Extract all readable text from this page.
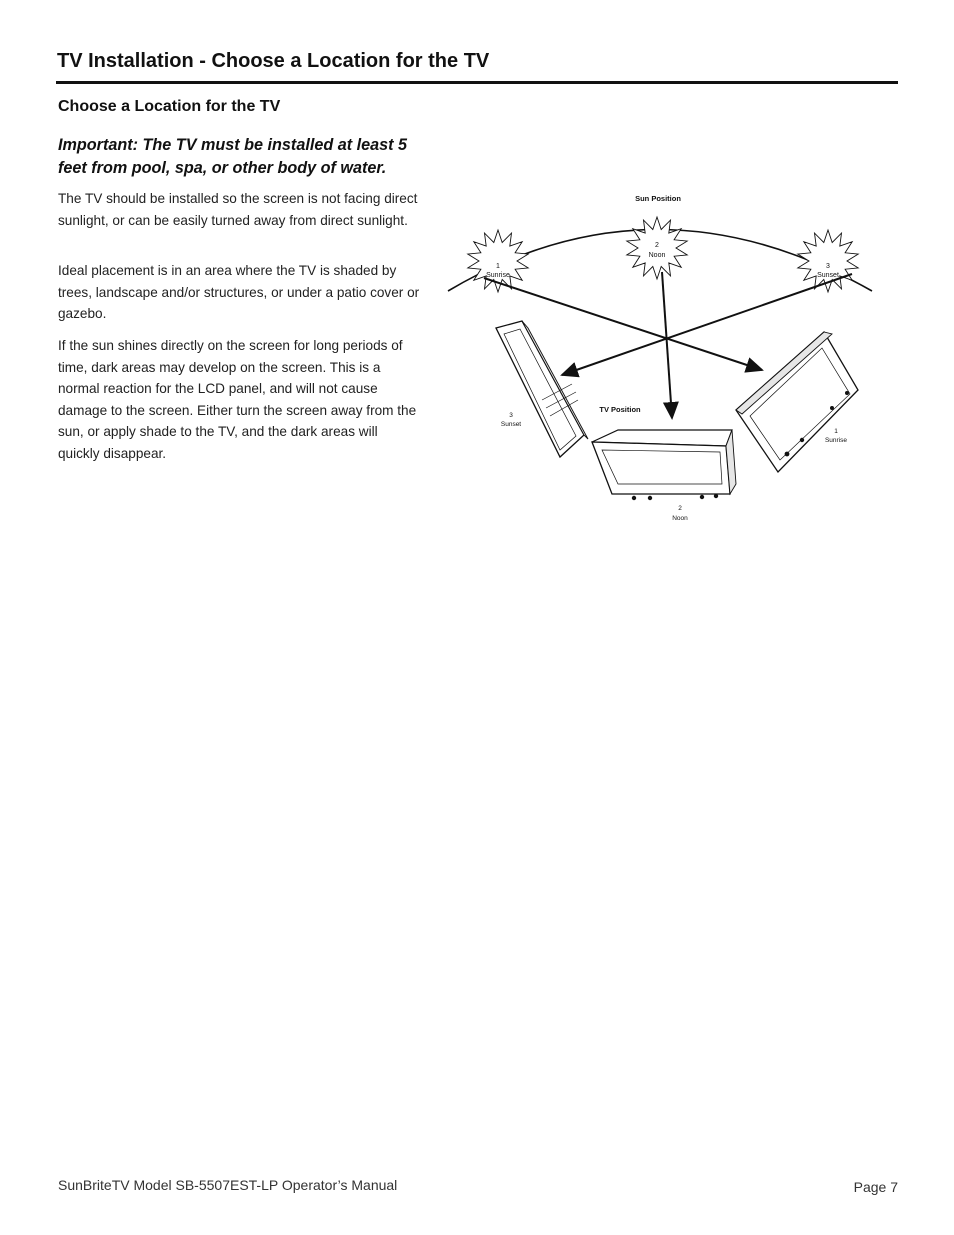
TV Installation - Choose a Location for the TV
Choose a Location for the TV

Important: The TV must be installed at least 5 feet from pool, spa, or other body of water.

The TV should be installed so the screen is not facing direct sunlight, or can be easily turned away from direct sunlight.

Ideal placement is in an area where the TV is shaded by trees, landscape and/or structures, or under a patio cover or gazebo.

If the sun shines directly on the screen for long periods of time, dark areas may develop on the screen. This is a normal reaction for the LCD panel, and will not cause damage to the screen. Either turn the screen away from the sun, or apply shade to the TV, and the dark areas will quickly disappear.

Sun Position
1
Sunrise
2
Noon
3
Sunset
3
Sunset
TV Position
2
Noon
1
Sunrise

SunBriteTV Model SB-5507EST-LP Operator’s Manual	Page 7
